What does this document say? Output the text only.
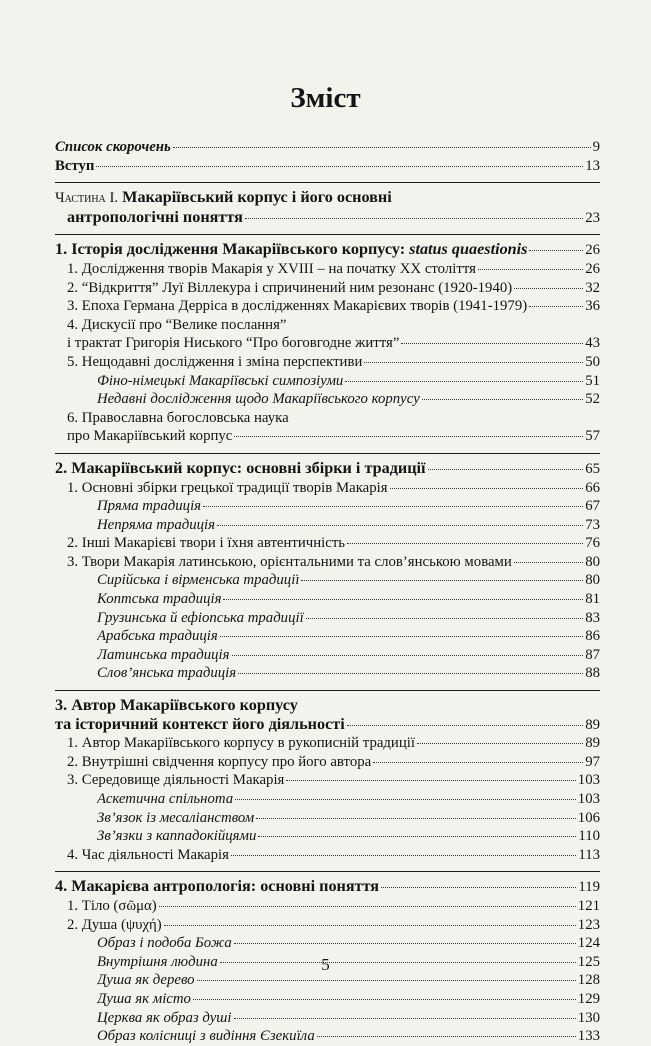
Зміст
Список скорочень	9
Вступ	13
Частина I. Макаріївський корпус і його основні
антропологічні поняття	23
1. Історія дослідження Макаріївського корпусу: status quaestionis	26
1. Дослідження творів Макарія у XVIII – на початку XX століття	26
2. “Відкриття” Луї Віллекура і спричинений ним резонанс (1920-1940)	32
3. Епоха Германа Дерріса в дослідженнях Макарієвих творів (1941-1979)	36
4. Дискусії про “Велике послання”
і трактат Григорія Ниського “Про боговгодне життя”	43
5. Нещодавні дослідження і зміна перспективи	50
Фіно-німецькі Макаріївські симпозіуми	51
Недавні дослідження щодо Макаріївського корпусу	52
6. Православна богословська наука
про Макаріївський корпус	57
2. Макаріївський корпус: основні збірки і традиції	65
1. Основні збірки грецької традиції творів Макарія	66
Пряма традиція	67
Непряма традиція	73
2. Інші Макарієві твори і їхня автентичність	76
3. Твори Макарія латинською, орієнтальними та слов’янською мовами	80
Сирійська і вірменська традиції	80
Коптська традиція	81
Грузинська й ефіопська традиції	83
Арабська традиція	86
Латинська традиція	87
Слов’янська традиція	88
3. Автор Макаріївського корпусу
та історичний контекст його діяльності	89
1. Автор Макаріївського корпусу в рукописній традиції	89
2. Внутрішні свідчення корпусу про його автора	97
3. Середовище діяльності Макарія	103
Аскетична спільнота	103
Зв’язок із месаліанством	106
Зв’язки з каппадокійцями	110
4. Час діяльності Макарія	113
4. Макарієва антропологія: основні поняття	119
1. Тіло (σῶμα)	121
2. Душа (ψυχή)	123
Образ і подоба Божа	124
Внутрішня людина	125
Душа як дерево	128
Душа як місто	129
Церква як образ душі	130
Образ колісниці з видіння Єзекиїла	133
5
